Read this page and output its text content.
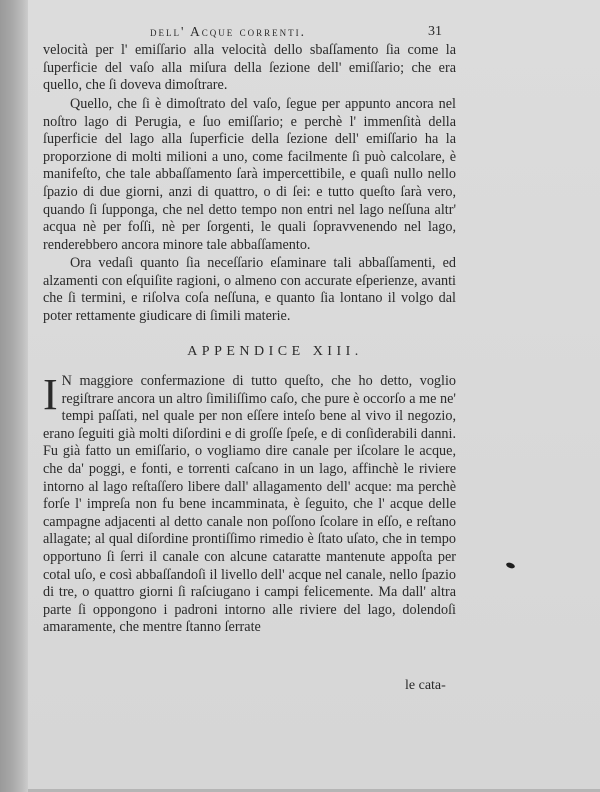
dell' Acque correnti.	31

velocità per l' emiſſario alla velocità dello sbaſſamento ſia come la ſuperficie del vaſo alla miſura della ſezione dell' emiſſario; che era quello, che ſi doveva dimoſtrare.

Quello, che ſi è dimoſtrato del vaſo, ſegue per appunto ancora nel noſtro lago di Perugia, e ſuo emiſſario; e perchè l' immenſità della ſuperficie del lago alla ſuperficie della ſezione dell' emiſſario ha la proporzione di molti milioni a uno, come facilmente ſi può calcolare, è manifeſto, che tale abbaſſamento ſarà impercettibile, e quaſi nullo nello ſpazio di due giorni, anzi di quattro, o di ſei: e tutto queſto ſarà vero, quando ſi ſupponga, che nel detto tempo non entri nel lago neſſuna altr' acqua nè per foſſi, nè per ſorgenti, le quali ſopravvenendo nel lago, renderebbero ancora minore tale abbaſſamento.

Ora vedaſi quanto ſia neceſſario eſaminare tali abbaſſamenti, ed alzamenti con eſquiſite ragioni, o almeno con accurate eſperienze, avanti che ſi termini, e riſolva coſa neſſuna, e quanto ſia lontano il volgo dal poter rettamente giudicare di ſimili materie.

APPENDICE XIII.
I N maggiore confermazione di tutto queſto, che ho detto, voglio regiſtrare ancora un altro ſimiliſſimo caſo, che pure è occorſo a me ne' tempi paſſati, nel quale per non eſſere inteſo bene al vivo il negozio, erano ſeguiti già molti diſordini e di groſſe ſpeſe, e di conſiderabili danni. Fu già fatto un emiſſario, o vogliamo dire canale per iſcolare le acque, che da' poggi, e fonti, e torrenti caſcano in un lago, affinchè le riviere intorno al lago reſtaſſero libere dall' allagamento dell' acque: ma perchè forſe l' impreſa non fu bene incamminata, è ſeguito, che l' acque delle campagne adjacenti al detto canale non poſſono ſcolare in eſſo, e reſtano allagate; al qual diſordine prontiſſimo rimedio è ſtato uſato, che in tempo opportuno ſi ſerri il canale con alcune cataratte mantenute appoſta per cotal uſo, e così abbaſſandoſi il livello dell' acque nel canale, nello ſpazio di tre, o quattro giorni ſi raſciugano i campi felicemente. Ma dall' altra parte ſi oppongono i padroni intorno alle riviere del lago, dolendoſi amaramente, che mentre ſtanno ſerrate

le cata-
